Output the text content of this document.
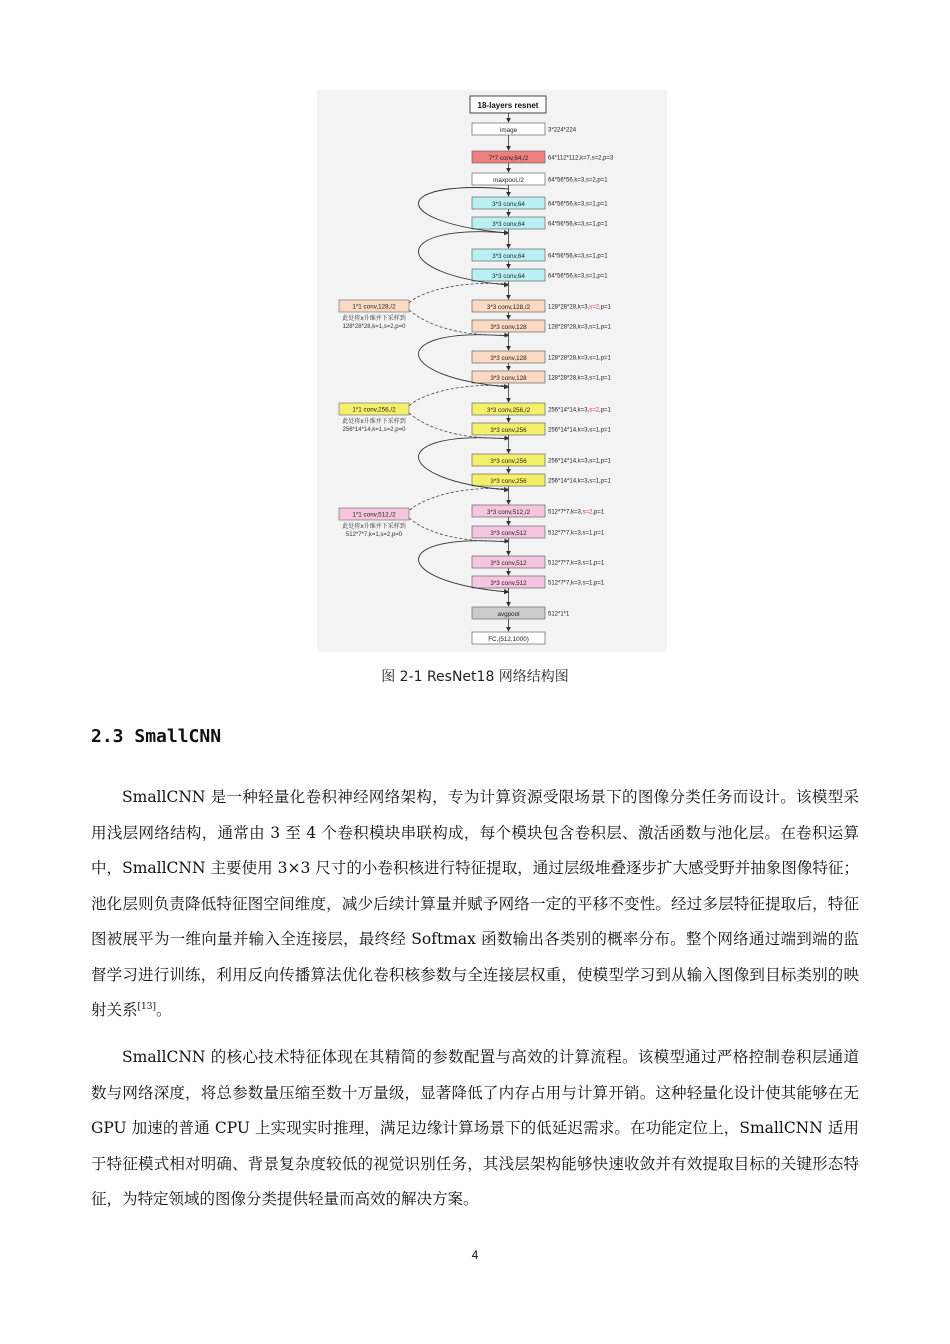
18-layers resnet
image	3*224*224
7*7 conv,64,/2	64*112*112,k=7,s=2,p=3
maxpool,/2	64*56*56,k=3,s=2,p=1
3*3 conv,64	64*56*56,k=3,s=1,p=1
3*3 conv,64	64*56*56,k=3,s=1,p=1
3*3 conv,64	64*56*56,k=3,s=1,p=1
3*3 conv,64	64*56*56,k=3,s=1,p=1
3*3 conv,128,/2	128*28*28,k=3,s=2,p=1
3*3 conv,128	128*28*28,k=3,s=1,p=1
3*3 conv,128	128*28*28,k=3,s=1,p=1
3*3 conv,128	128*28*28,k=3,s=1,p=1
3*3 conv,256,/2	256*14*14,k=3,s=2,p=1
3*3 conv,256	256*14*14,k=3,s=1,p=1
3*3 conv,256	256*14*14,k=3,s=1,p=1
3*3 conv,256	256*14*14,k=3,s=1,p=1
3*3 conv,512,/2	512*7*7,k=3,s=2,p=1
3*3 conv,512	512*7*7,k=3,s=1,p=1
3*3 conv,512	512*7*7,k=3,s=1,p=1
3*3 conv,512	512*7*7,k=3,s=1,p=1
avgpool	512*1*1
FC,(512,1000)
1*1 conv,128,/2
此处将x升维并下采样到
128*28*28,k=1,s=2,p=0
1*1 conv,256,/2
此处将x升维并下采样到
256*14*14,k=1,s=2,p=0
1*1 conv,512,/2
此处将x升维并下采样到
512*7*7,k=1,s=2,p=0
图 2-1 ResNet18 网络结构图
2.3 SmallCNN

SmallCNN 是一种轻量化卷积神经网络架构，专为计算资源受限场景下的图像分类任务而设计。该模型采用浅层网络结构，通常由 3 至 4 个卷积模块串联构成，每个模块包含卷积层、激活函数与池化层。在卷积运算中，SmallCNN 主要使用 3×3 尺寸的小卷积核进行特征提取，通过层级堆叠逐步扩大感受野并抽象图像特征；池化层则负责降低特征图空间维度，减少后续计算量并赋予网络一定的平移不变性。经过多层特征提取后，特征图被展平为一维向量并输入全连接层，最终经 Softmax 函数输出各类别的概率分布。整个网络通过端到端的监督学习进行训练，利用反向传播算法优化卷积核参数与全连接层权重，使模型学习到从输入图像到目标类别的映射关系[13]。

SmallCNN 的核心技术特征体现在其精简的参数配置与高效的计算流程。该模型通过严格控制卷积层通道数与网络深度，将总参数量压缩至数十万量级，显著降低了内存占用与计算开销。这种轻量化设计使其能够在无 GPU 加速的普通 CPU 上实现实时推理，满足边缘计算场景下的低延迟需求。在功能定位上，SmallCNN 适用于特征模式相对明确、背景复杂度较低的视觉识别任务，其浅层架构能够快速收敛并有效提取目标的关键形态特征，为特定领域的图像分类提供轻量而高效的解决方案。

4
